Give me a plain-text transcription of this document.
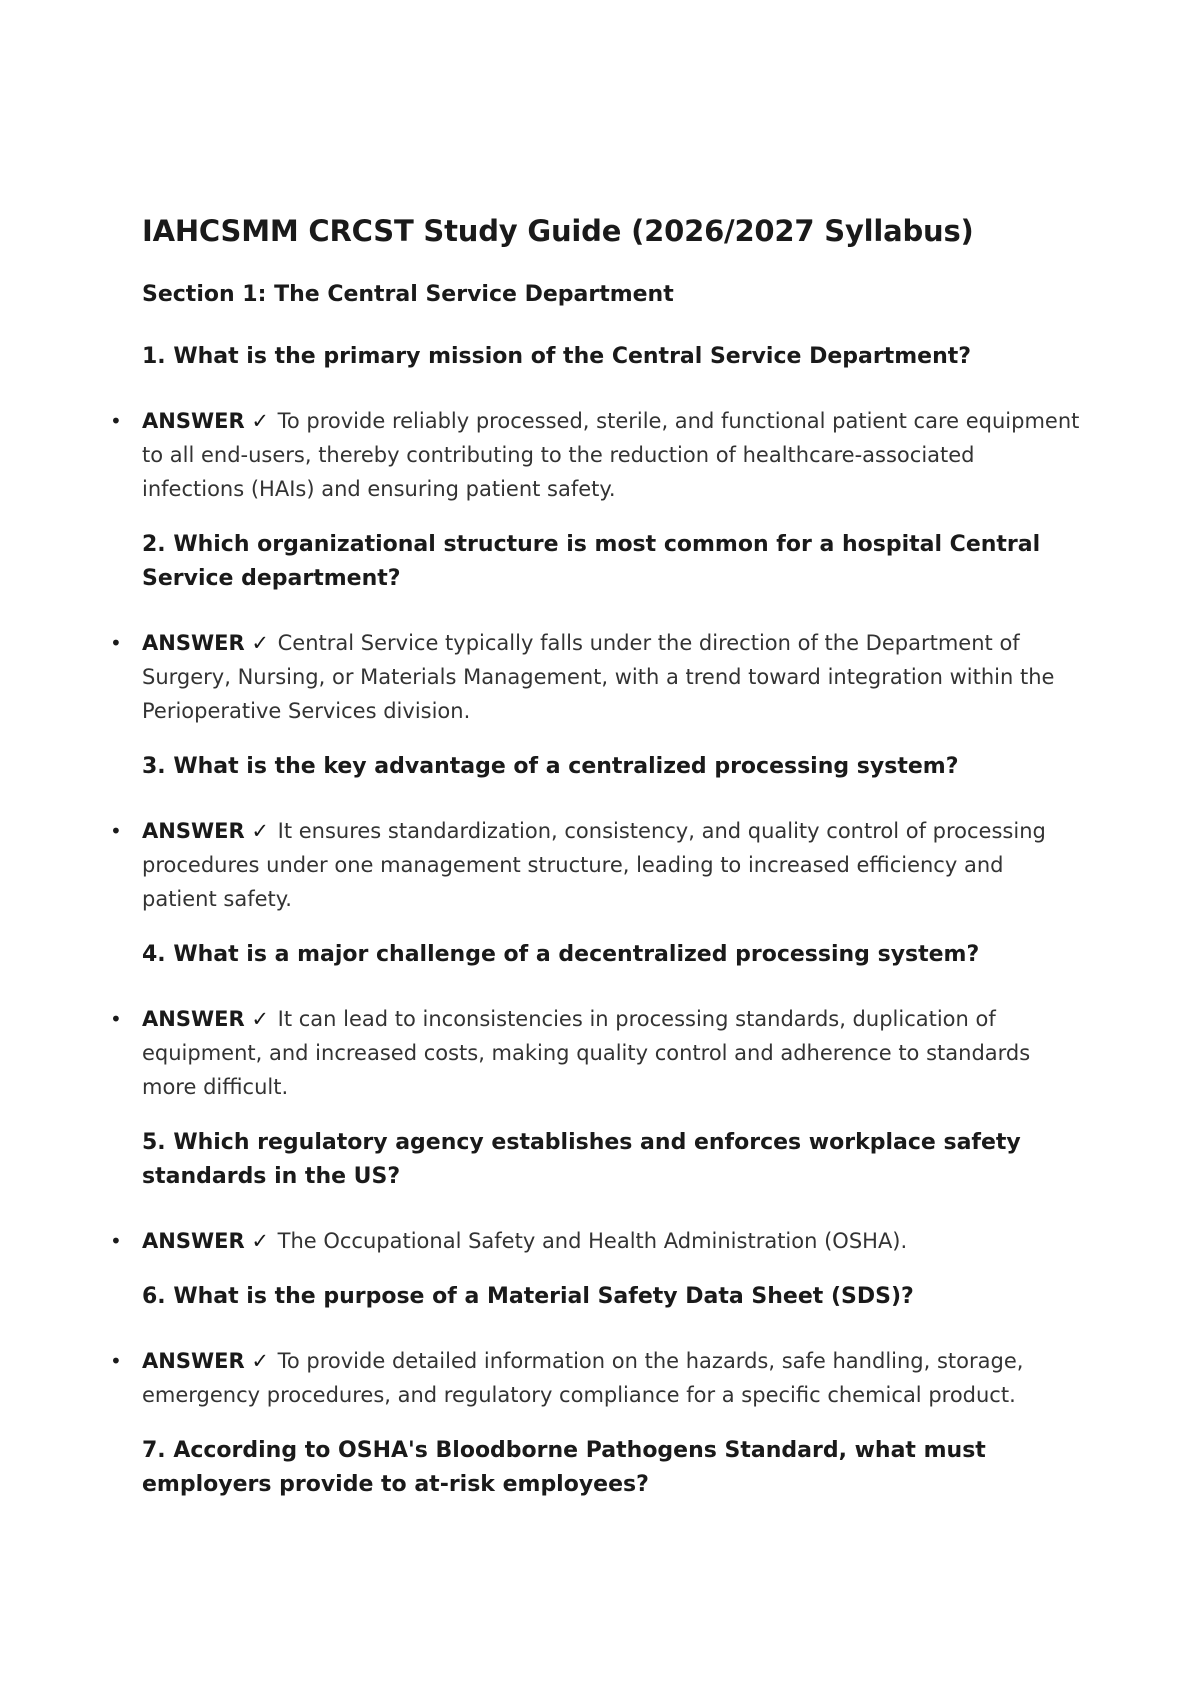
IAHCSMM CRCST Study Guide (2026/2027 Syllabus)
Section 1: The Central Service Department
1. What is the primary mission of the Central Service Department?
• ANSWER ✓ To provide reliably processed, sterile, and functional patient care equipment to all end-users, thereby contributing to the reduction of healthcare-associated infections (HAIs) and ensuring patient safety.
2. Which organizational structure is most common for a hospital Central Service department?
• ANSWER ✓ Central Service typically falls under the direction of the Department of Surgery, Nursing, or Materials Management, with a trend toward integration within the Perioperative Services division.
3. What is the key advantage of a centralized processing system?
• ANSWER ✓ It ensures standardization, consistency, and quality control of processing procedures under one management structure, leading to increased efficiency and patient safety.
4. What is a major challenge of a decentralized processing system?
• ANSWER ✓ It can lead to inconsistencies in processing standards, duplication of equipment, and increased costs, making quality control and adherence to standards more difficult.
5. Which regulatory agency establishes and enforces workplace safety standards in the US?
• ANSWER ✓ The Occupational Safety and Health Administration (OSHA).
6. What is the purpose of a Material Safety Data Sheet (SDS)?
• ANSWER ✓ To provide detailed information on the hazards, safe handling, storage, emergency procedures, and regulatory compliance for a specific chemical product.
7. According to OSHA's Bloodborne Pathogens Standard, what must employers provide to at-risk employees?
